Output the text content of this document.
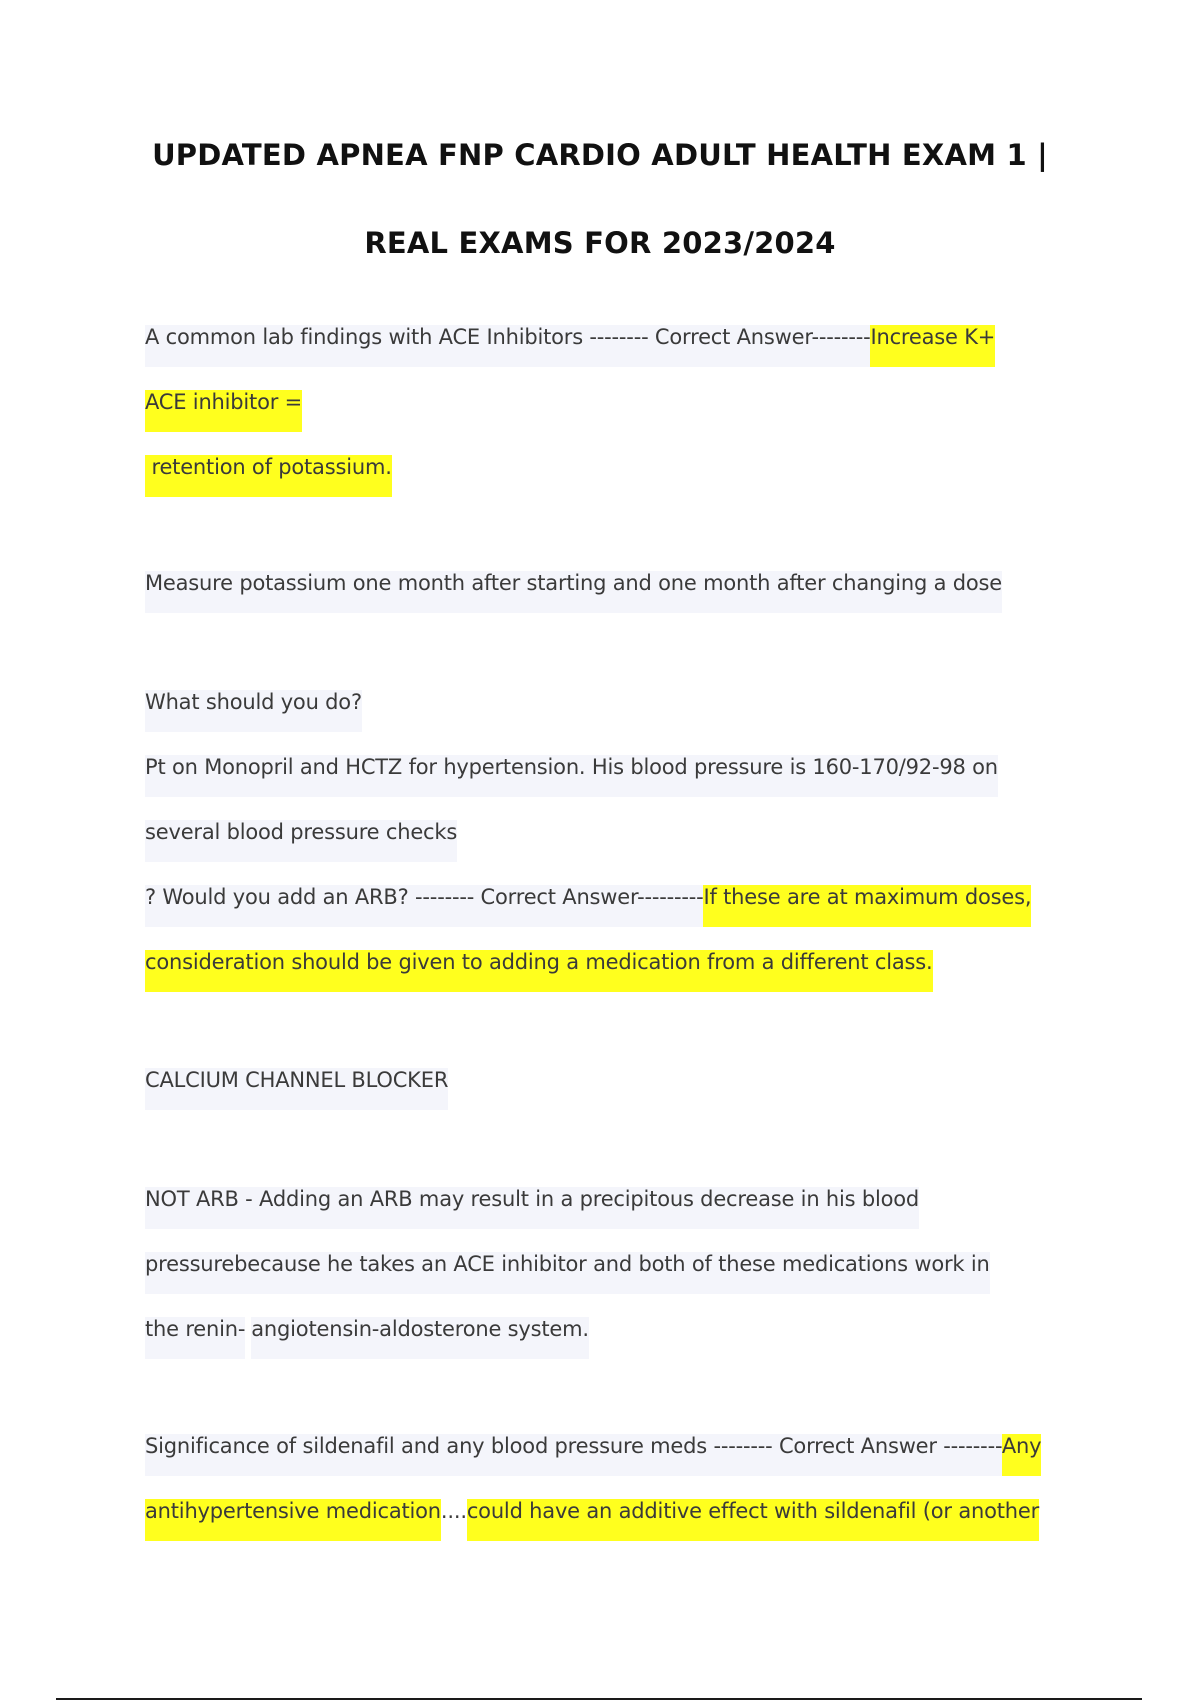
UPDATED APNEA FNP CARDIO ADULT HEALTH EXAM 1 |
REAL EXAMS FOR 2023/2024
A common lab findings with ACE Inhibitors -------- Correct Answer--------Increase K+
ACE inhibitor =
retention of potassium.
Measure potassium one month after starting and one month after changing a dose
What should you do?
Pt on Monopril and HCTZ for hypertension. His blood pressure is 160-170/92-98 on
several blood pressure checks
? Would you add an ARB? -------- Correct Answer---------If these are at maximum doses,
consideration should be given to adding a medication from a different class.
CALCIUM CHANNEL BLOCKER
NOT ARB - Adding an ARB may result in a precipitous decrease in his blood
pressurebecause he takes an ACE inhibitor and both of these medications work in
the renin- angiotensin-aldosterone system.
Significance of sildenafil and any blood pressure meds -------- Correct Answer --------Any
antihypertensive medication....could have an additive effect with sildenafil (or another
